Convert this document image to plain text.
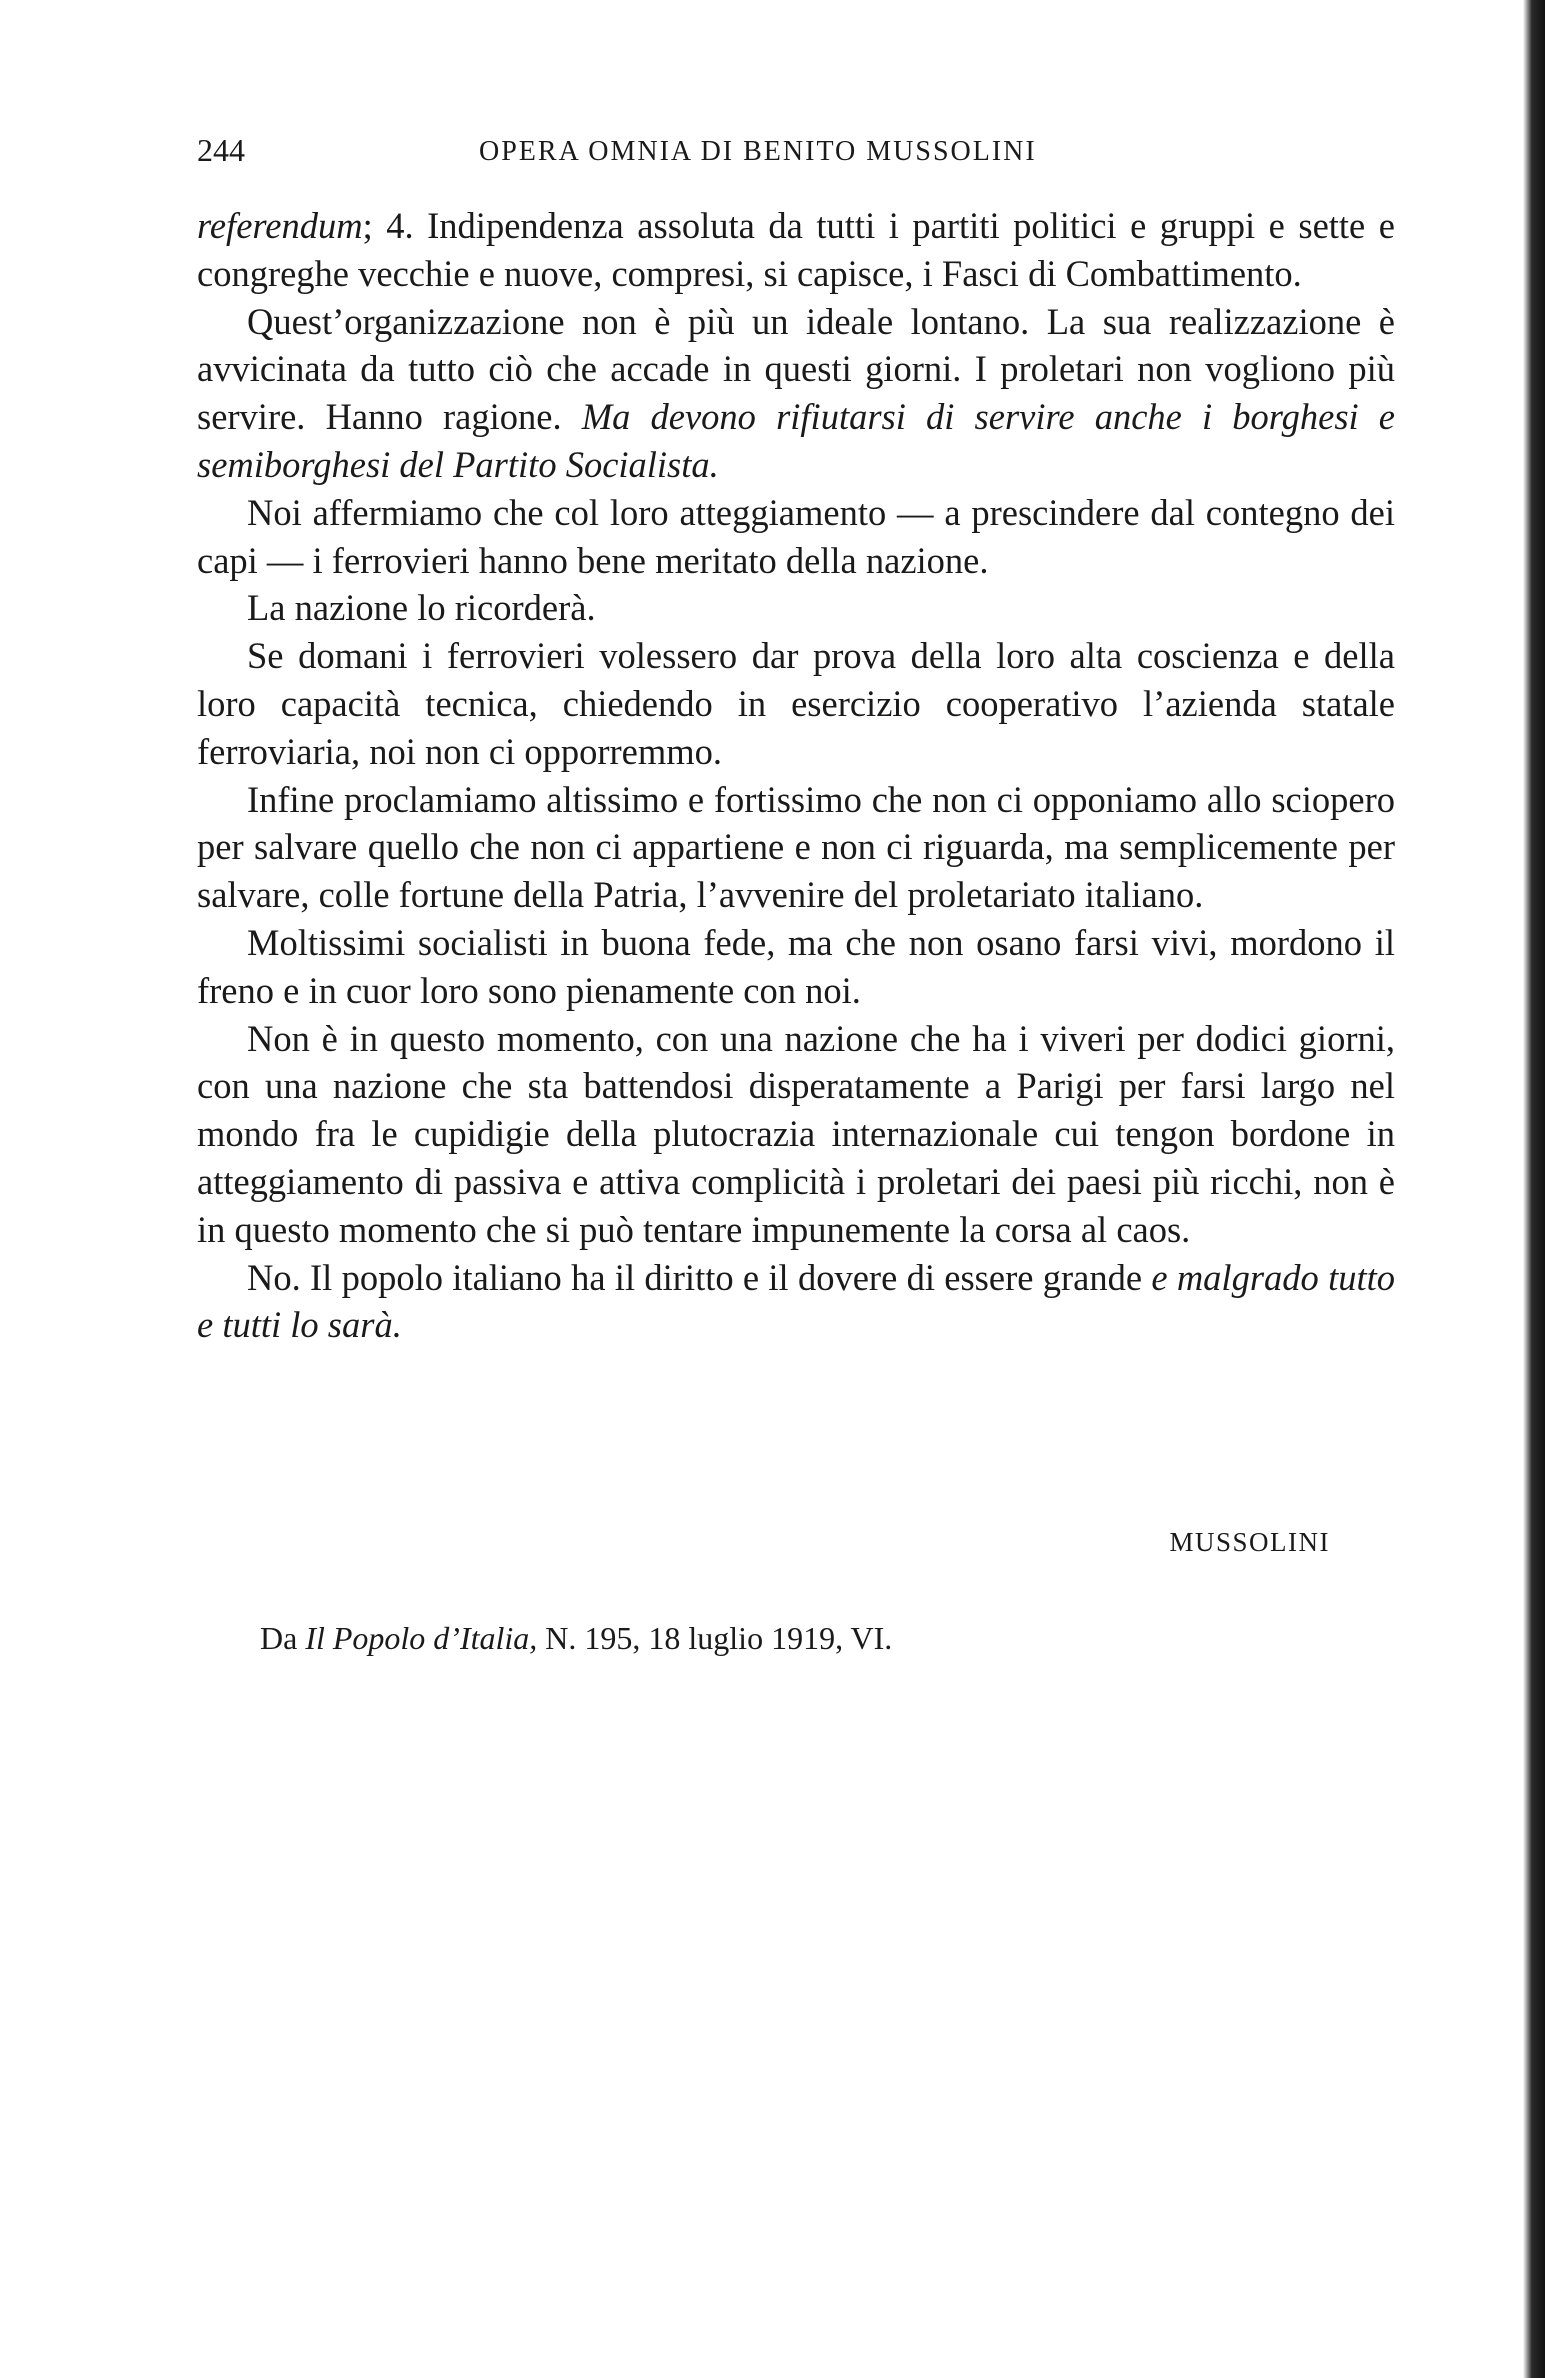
244	OPERA OMNIA DI BENITO MUSSOLINI

referendum; 4. Indipendenza assoluta da tutti i partiti politici e gruppi e sette e congreghe vecchie e nuove, compresi, si capisce, i Fasci di Combattimento.

Quest’organizzazione non è più un ideale lontano. La sua realizzazione è avvicinata da tutto ciò che accade in questi giorni. I proletari non vogliono più servire. Hanno ragione. Ma devono rifiutarsi di servire anche i borghesi e semiborghesi del Partito Socialista.

Noi affermiamo che col loro atteggiamento — a prescindere dal contegno dei capi — i ferrovieri hanno bene meritato della nazione.

La nazione lo ricorderà.

Se domani i ferrovieri volessero dar prova della loro alta coscienza e della loro capacità tecnica, chiedendo in esercizio cooperativo l’azienda statale ferroviaria, noi non ci opporremmo.

Infine proclamiamo altissimo e fortissimo che non ci opponiamo allo sciopero per salvare quello che non ci appartiene e non ci riguarda, ma semplicemente per salvare, colle fortune della Patria, l’avvenire del proletariato italiano.

Moltissimi socialisti in buona fede, ma che non osano farsi vivi, mordono il freno e in cuor loro sono pienamente con noi.

Non è in questo momento, con una nazione che ha i viveri per dodici giorni, con una nazione che sta battendosi disperatamente a Parigi per farsi largo nel mondo fra le cupidigie della plutocrazia internazionale cui tengon bordone in atteggiamento di passiva e attiva complicità i proletari dei paesi più ricchi, non è in questo momento che si può tentare impunemente la corsa al caos.

No. Il popolo italiano ha il diritto e il dovere di essere grande e malgrado tutto e tutti lo sarà.

MUSSOLINI
Da Il Popolo d’Italia, N. 195, 18 luglio 1919, VI.
